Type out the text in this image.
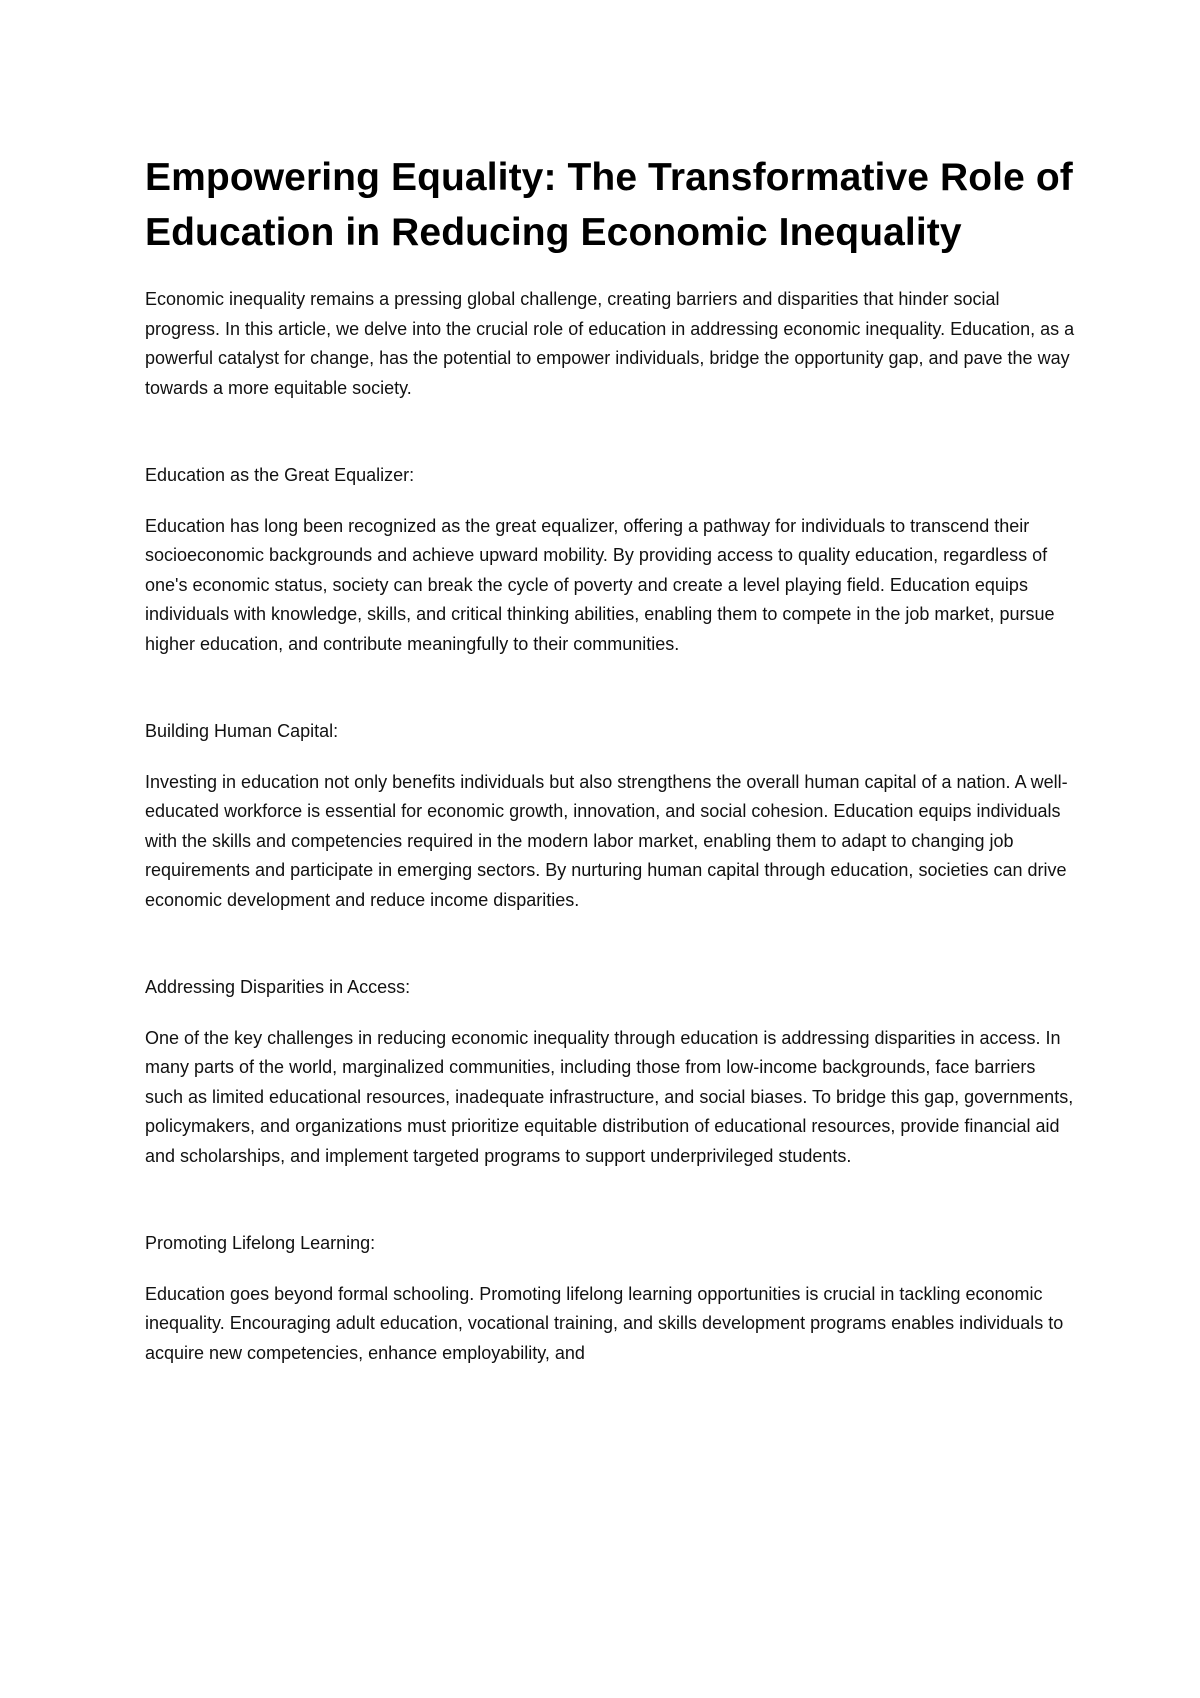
Empowering Equality: The Transformative Role of Education in Reducing Economic Inequality

Economic inequality remains a pressing global challenge, creating barriers and disparities that hinder social progress. In this article, we delve into the crucial role of education in addressing economic inequality. Education, as a powerful catalyst for change, has the potential to empower individuals, bridge the opportunity gap, and pave the way towards a more equitable society.

Education as the Great Equalizer:

Education has long been recognized as the great equalizer, offering a pathway for individuals to transcend their socioeconomic backgrounds and achieve upward mobility. By providing access to quality education, regardless of one's economic status, society can break the cycle of poverty and create a level playing field. Education equips individuals with knowledge, skills, and critical thinking abilities, enabling them to compete in the job market, pursue higher education, and contribute meaningfully to their communities.

Building Human Capital:

Investing in education not only benefits individuals but also strengthens the overall human capital of a nation. A well-educated workforce is essential for economic growth, innovation, and social cohesion. Education equips individuals with the skills and competencies required in the modern labor market, enabling them to adapt to changing job requirements and participate in emerging sectors. By nurturing human capital through education, societies can drive economic development and reduce income disparities.

Addressing Disparities in Access:

One of the key challenges in reducing economic inequality through education is addressing disparities in access. In many parts of the world, marginalized communities, including those from low-income backgrounds, face barriers such as limited educational resources, inadequate infrastructure, and social biases. To bridge this gap, governments, policymakers, and organizations must prioritize equitable distribution of educational resources, provide financial aid and scholarships, and implement targeted programs to support underprivileged students.

Promoting Lifelong Learning:

Education goes beyond formal schooling. Promoting lifelong learning opportunities is crucial in tackling economic inequality. Encouraging adult education, vocational training, and skills development programs enables individuals to acquire new competencies, enhance employability, and
